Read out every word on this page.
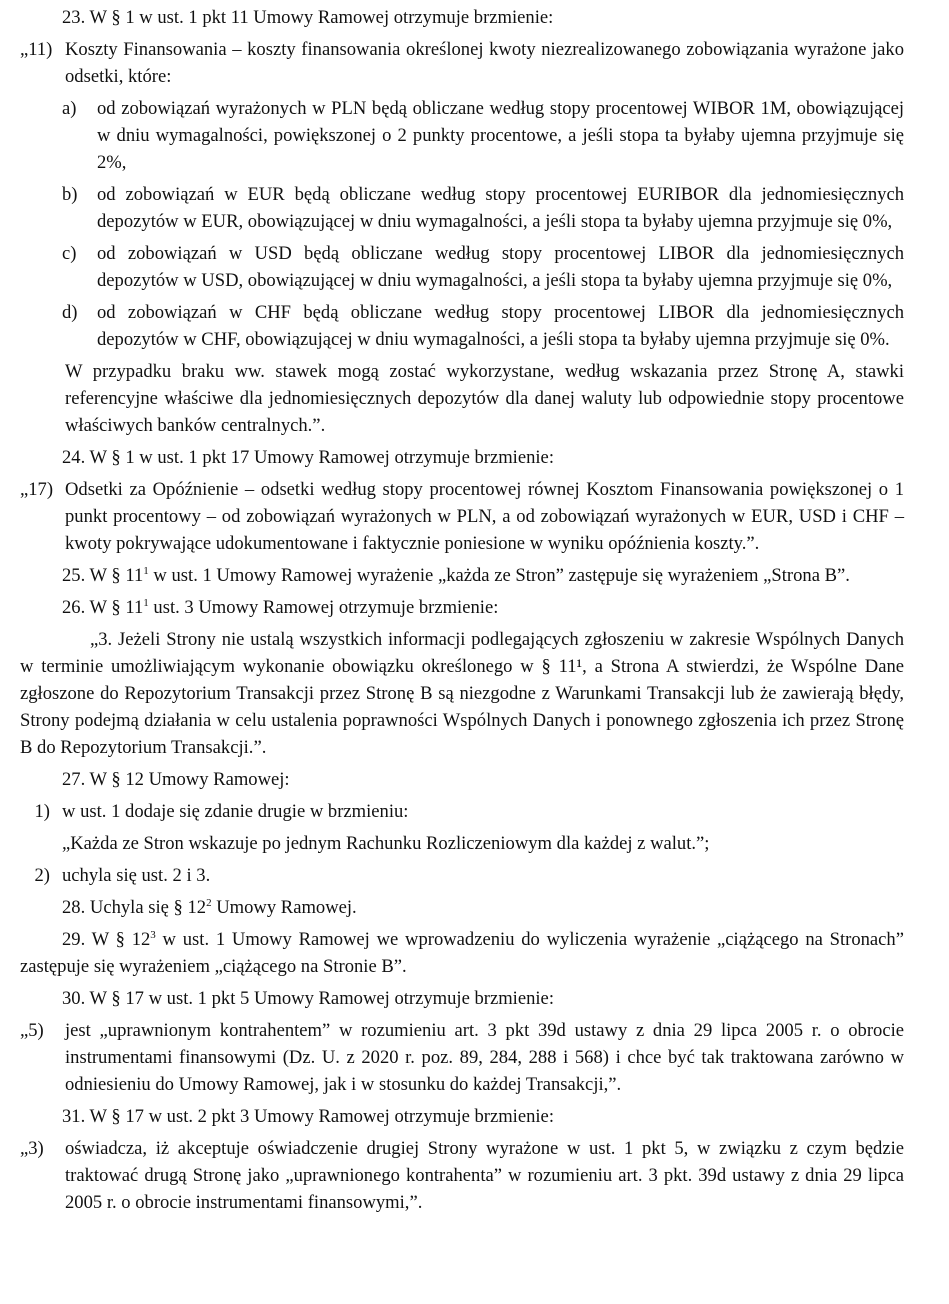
23. W § 1 w ust. 1 pkt 11 Umowy Ramowej otrzymuje brzmienie:

„11) Koszty Finansowania – koszty finansowania określonej kwoty niezrealizowanego zobowiązania wyrażone jako odsetki, które:
a) od zobowiązań wyrażonych w PLN będą obliczane według stopy procentowej WIBOR 1M, obowiązującej w dniu wymagalności, powiększonej o 2 punkty procentowe, a jeśli stopa ta byłaby ujemna przyjmuje się 2%,
b) od zobowiązań w EUR będą obliczane według stopy procentowej EURIBOR dla jednomiesięcznych depozytów w EUR, obowiązującej w dniu wymagalności, a jeśli stopa ta byłaby ujemna przyjmuje się 0%,
c) od zobowiązań w USD będą obliczane według stopy procentowej LIBOR dla jednomiesięcznych depozytów w USD, obowiązującej w dniu wymagalności, a jeśli stopa ta byłaby ujemna przyjmuje się 0%,
d) od zobowiązań w CHF będą obliczane według stopy procentowej LIBOR dla jednomiesięcznych depozytów w CHF, obowiązującej w dniu wymagalności, a jeśli stopa ta byłaby ujemna przyjmuje się 0%.

W przypadku braku ww. stawek mogą zostać wykorzystane, według wskazania przez Stronę A, stawki referencyjne właściwe dla jednomiesięcznych depozytów dla danej waluty lub odpowiednie stopy procentowe właściwych banków centralnych.”.

24. W § 1 w ust. 1 pkt 17 Umowy Ramowej otrzymuje brzmienie:

„17) Odsetki za Opóźnienie – odsetki według stopy procentowej równej Kosztom Finansowania powiększonej o 1 punkt procentowy – od zobowiązań wyrażonych w PLN, a od zobowiązań wyrażonych w EUR, USD i CHF – kwoty pokrywające udokumentowane i faktycznie poniesione w wyniku opóźnienia koszty.”.

25. W § $11^1$ w ust. 1 Umowy Ramowej wyrażenie „każda ze Stron” zastępuje się wyrażeniem „Strona B”.

26. W § $11^1$ ust. 3 Umowy Ramowej otrzymuje brzmienie:

„3. Jeżeli Strony nie ustalą wszystkich informacji podlegających zgłoszeniu w zakresie Wspólnych Danych w terminie umożliwiającym wykonanie obowiązku określonego w § 11¹, a Strona A stwierdzi, że Wspólne Dane zgłoszone do Repozytorium Transakcji przez Stronę B są niezgodne z Warunkami Transakcji lub że zawierają błędy, Strony podejmą działania w celu ustalenia poprawności Wspólnych Danych i ponownego zgłoszenia ich przez Stronę B do Repozytorium Transakcji.”.

27. W § 12 Umowy Ramowej:

1) w ust. 1 dodaje się zdanie drugie w brzmieniu:

„Każda ze Stron wskazuje po jednym Rachunku Rozliczeniowym dla każdej z walut.”;

2) uchyla się ust. 2 i 3.

28. Uchyla się § $12^2$ Umowy Ramowej.

29. W § $12^3$ w ust. 1 Umowy Ramowej we wprowadzeniu do wyliczenia wyrażenie „ciążącego na Stronach” zastępuje się wyrażeniem „ciążącego na Stronie B”.

30. W § 17 w ust. 1 pkt 5 Umowy Ramowej otrzymuje brzmienie:

„5) jest „uprawnionym kontrahentem” w rozumieniu art. 3 pkt 39d ustawy z dnia 29 lipca 2005 r. o obrocie instrumentami finansowymi (Dz. U. z 2020 r. poz. 89, 284, 288 i 568) i chce być tak traktowana zarówno w odniesieniu do Umowy Ramowej, jak i w stosunku do każdej Transakcji,”.

31. W § 17 w ust. 2 pkt 3 Umowy Ramowej otrzymuje brzmienie:

„3) oświadcza, iż akceptuje oświadczenie drugiej Strony wyrażone w ust. 1 pkt 5, w związku z czym będzie traktować drugą Stronę jako „uprawnionego kontrahenta” w rozumieniu art. 3 pkt. 39d ustawy z dnia 29 lipca 2005 r. o obrocie instrumentami finansowymi,”.
